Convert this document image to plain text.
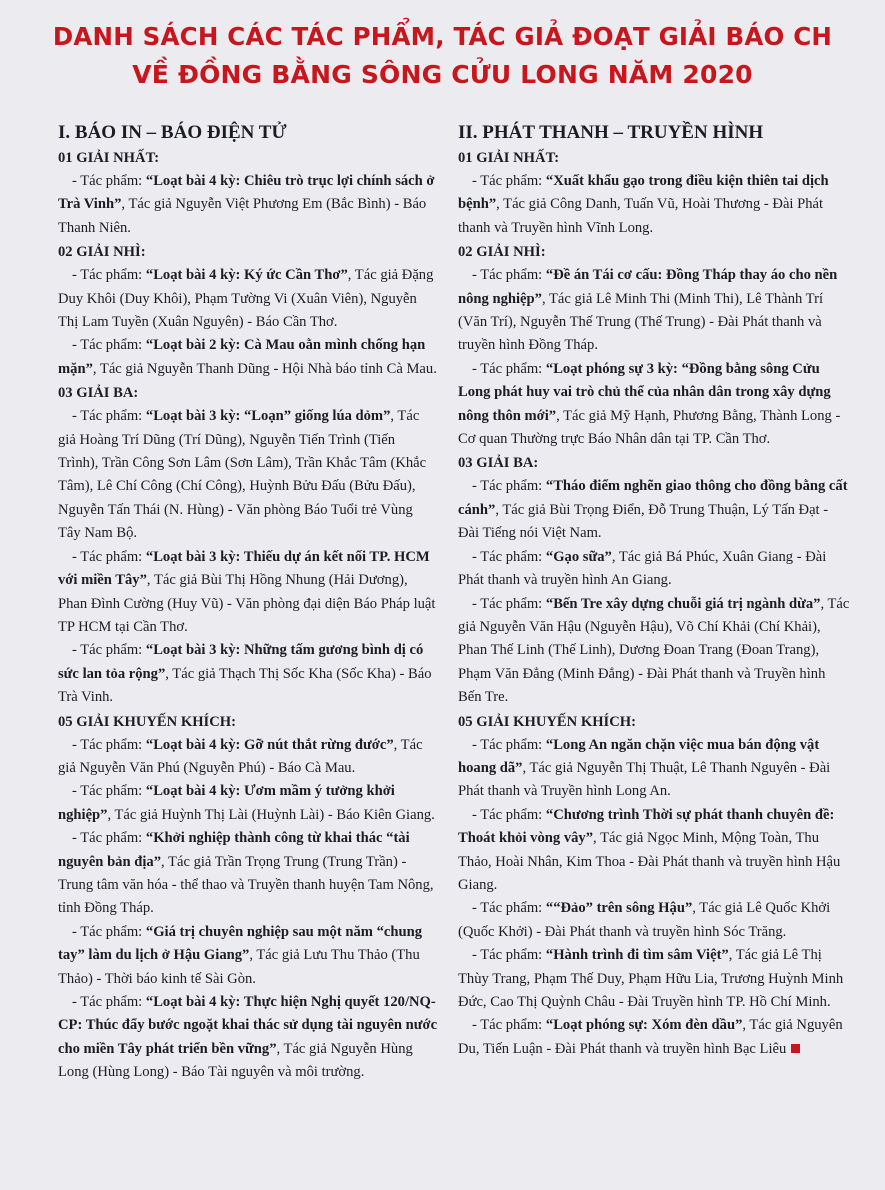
DANH SÁCH CÁC TÁC PHẨM, TÁC GIẢ ĐOẠT GIẢI BÁO CH
VỀ ĐỒNG BẰNG SÔNG CỬU LONG NĂM 2020
I. BÁO IN – BÁO ĐIỆN TỬ
01 GIẢI NHẤT:
- Tác phẩm: “Loạt bài 4 kỳ: Chiêu trò trục lợi chính sách ở Trà Vinh”, Tác giả Nguyễn Việt Phương Em (Bắc Bình) - Báo Thanh Niên.
02 GIẢI NHÌ:
- Tác phẩm: “Loạt bài 4 kỳ: Ký ức Cần Thơ”, Tác giả Đặng Duy Khôi (Duy Khôi), Phạm Tường Vi (Xuân Viên), Nguyễn Thị Lam Tuyền (Xuân Nguyên) - Báo Cần Thơ.
- Tác phẩm: “Loạt bài 2 kỳ: Cà Mau oằn mình chống hạn mặn”, Tác giả Nguyễn Thanh Dũng - Hội Nhà báo tỉnh Cà Mau.
03 GIẢI BA:
- Tác phẩm: “Loạt bài 3 kỳ: “Loạn” giống lúa dỏm”, Tác giả Hoàng Trí Dũng (Trí Dũng), Nguyễn Tiến Trình (Tiến Trình), Trần Công Sơn Lâm (Sơn Lâm), Trần Khắc Tâm (Khắc Tâm), Lê Chí Công (Chí Công), Huỳnh Bửu Đấu (Bửu Đấu), Nguyễn Tấn Thái (N. Hùng) - Văn phòng Báo Tuổi trẻ Vùng Tây Nam Bộ.
- Tác phẩm: “Loạt bài 3 kỳ: Thiếu dự án kết nối TP. HCM với miền Tây”, Tác giả Bùi Thị Hồng Nhung (Hải Dương), Phan Đình Cường (Huy Vũ) - Văn phòng đại diện Báo Pháp luật TP HCM tại Cần Thơ.
- Tác phẩm: “Loạt bài 3 kỳ: Những tấm gương bình dị có sức lan tỏa rộng”, Tác giả Thạch Thị Sốc Kha (Sốc Kha) - Báo Trà Vinh.
05 GIẢI KHUYẾN KHÍCH:
- Tác phẩm: “Loạt bài 4 kỳ: Gỡ nút thắt rừng đước”, Tác giả Nguyễn Văn Phú (Nguyễn Phú) - Báo Cà Mau.
- Tác phẩm: “Loạt bài 4 kỳ: Ươm mầm ý tưởng khởi nghiệp”, Tác giả Huỳnh Thị Lài (Huỳnh Lài) - Báo Kiên Giang.
- Tác phẩm: “Khởi nghiệp thành công từ khai thác “tài nguyên bản địa”, Tác giả Trần Trọng Trung (Trung Trần) - Trung tâm văn hóa - thể thao và Truyền thanh huyện Tam Nông, tỉnh Đồng Tháp.
- Tác phẩm: “Giá trị chuyên nghiệp sau một năm “chung tay” làm du lịch ở Hậu Giang”, Tác giả Lưu Thu Thảo (Thu Thảo) - Thời báo kinh tế Sài Gòn.
- Tác phẩm: “Loạt bài 4 kỳ: Thực hiện Nghị quyết 120/NQ-CP: Thúc đẩy bước ngoặt khai thác sử dụng tài nguyên nước cho miền Tây phát triển bền vững”, Tác giả Nguyễn Hùng Long (Hùng Long) - Báo Tài nguyên và môi trường.
II. PHÁT THANH – TRUYỀN HÌNH
01 GIẢI NHẤT:
- Tác phẩm: “Xuất khẩu gạo trong điều kiện thiên tai dịch bệnh”, Tác giả Công Danh, Tuấn Vũ, Hoài Thương - Đài Phát thanh và Truyền hình Vĩnh Long.
02 GIẢI NHÌ:
- Tác phẩm: “Đề án Tái cơ cấu: Đồng Tháp thay áo cho nền nông nghiệp”, Tác giả Lê Minh Thi (Minh Thi), Lê Thành Trí (Văn Trí), Nguyễn Thế Trung (Thế Trung) - Đài Phát thanh và truyền hình Đồng Tháp.
- Tác phẩm: “Loạt phóng sự 3 kỳ: “Đồng bằng sông Cửu Long phát huy vai trò chủ thể của nhân dân trong xây dựng nông thôn mới”, Tác giả Mỹ Hạnh, Phương Bằng, Thành Long - Cơ quan Thường trực Báo Nhân dân tại TP. Cần Thơ.
03 GIẢI BA:
- Tác phẩm: “Tháo điểm nghẽn giao thông cho đồng bằng cất cánh”, Tác giả Bùi Trọng Điển, Đỗ Trung Thuận, Lý Tấn Đạt - Đài Tiếng nói Việt Nam.
- Tác phẩm: “Gạo sữa”, Tác giả Bá Phúc, Xuân Giang - Đài Phát thanh và truyền hình An Giang.
- Tác phẩm: “Bến Tre xây dựng chuỗi giá trị ngành dừa”, Tác giả Nguyễn Văn Hậu (Nguyễn Hậu), Võ Chí Khải (Chí Khải), Phan Thế Linh (Thế Linh), Dương Đoan Trang (Đoan Trang), Phạm Văn Đẳng (Minh Đẳng) - Đài Phát thanh và Truyền hình Bến Tre.
05 GIẢI KHUYẾN KHÍCH:
- Tác phẩm: “Long An ngăn chặn việc mua bán động vật hoang dã”, Tác giả Nguyễn Thị Thuật, Lê Thanh Nguyên - Đài Phát thanh và Truyền hình Long An.
- Tác phẩm: “Chương trình Thời sự phát thanh chuyên đề: Thoát khỏi vòng vây”, Tác giả Ngọc Minh, Mộng Toàn, Thu Thảo, Hoài Nhân, Kim Thoa - Đài Phát thanh và truyền hình Hậu Giang.
- Tác phẩm: ““Đảo” trên sông Hậu”, Tác giả Lê Quốc Khởi (Quốc Khởi) - Đài Phát thanh và truyền hình Sóc Trăng.
- Tác phẩm: “Hành trình đi tìm sâm Việt”, Tác giả Lê Thị Thùy Trang, Phạm Thế Duy, Phạm Hữu Lia, Trương Huỳnh Minh Đức, Cao Thị Quỳnh Châu - Đài Truyền hình TP. Hồ Chí Minh.
- Tác phẩm: “Loạt phóng sự: Xóm đèn dầu”, Tác giả Nguyên Du, Tiến Luận - Đài Phát thanh và truyền hình Bạc Liêu
